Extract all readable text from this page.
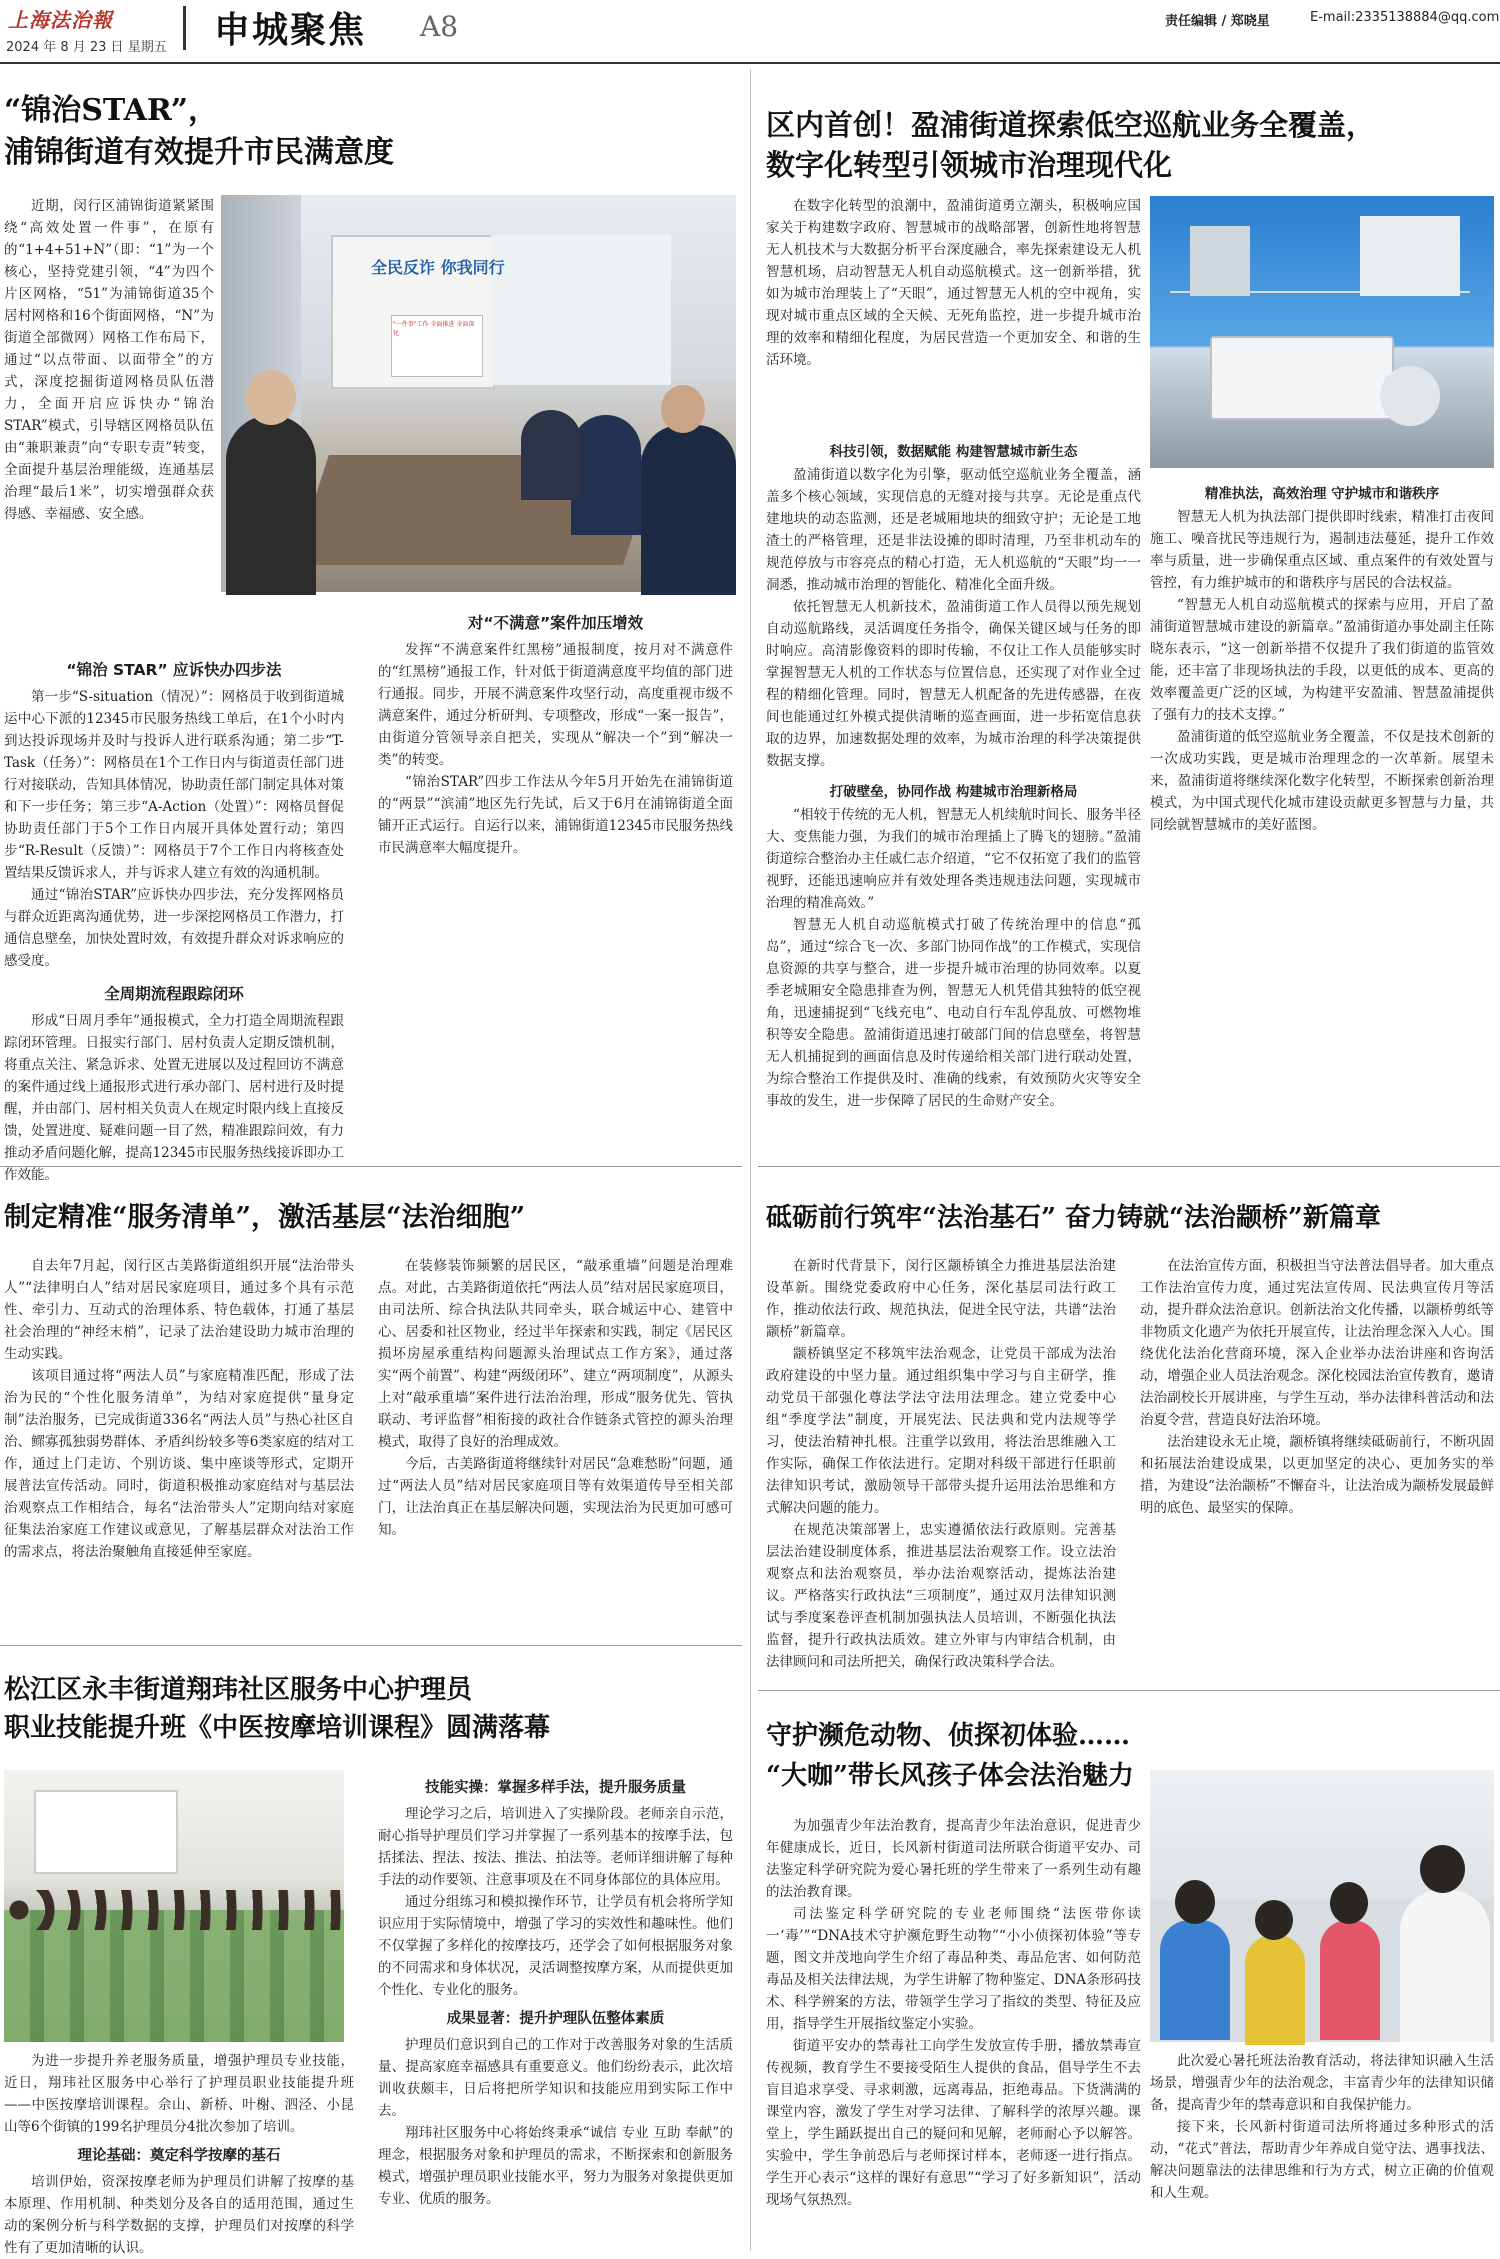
上海法治報
2024 年 8 月 23 日 星期五 申城聚焦 A8	责任编辑 / 郑晓星	E-mail:2335138884@qq.com
“锦治STAR”，
浦锦街道有效提升市民满意度
全民反诈 你我同行
"一件事"工作 全面推进 全面深化

近期，闵行区浦锦街道紧紧围绕“高效处置一件事”，在原有的“1+4+51+N”（即：“1”为一个核心，坚持党建引领，“4”为四个片区网格，“51”为浦锦街道35个居村网格和16个街面网格，“N”为街道全部微网）网格工作布局下，通过“以点带面、以面带全”的方式，深度挖掘街道网格员队伍潜力，全面开启应诉快办“锦治STAR”模式，引导辖区网格员队伍由“兼职兼责”向“专职专责”转变，全面提升基层治理能级，连通基层治理“最后1米”，切实增强群众获得感、幸福感、安全感。

“锦治 STAR” 应诉快办四步法

第一步“S-situation（情况）”：网格员于收到街道城运中心下派的12345市民服务热线工单后，在1个小时内到达投诉现场并及时与投诉人进行联系沟通；第二步“T-Task（任务）”：网格员在1个工作日内与街道责任部门进行对接联动，告知具体情况，协助责任部门制定具体对策和下一步任务；第三步“A-Action（处置）”：网格员督促协助责任部门于5个工作日内展开具体处置行动；第四步“R-Result（反馈）”：网格员于7个工作日内将核查处置结果反馈诉求人，并与诉求人建立有效的沟通机制。

通过“锦治STAR”应诉快办四步法，充分发挥网格员与群众近距离沟通优势，进一步深挖网格员工作潜力，打通信息壁垒，加快处置时效，有效提升群众对诉求响应的感受度。

全周期流程跟踪闭环

形成“日周月季年”通报模式，全力打造全周期流程跟踪闭环管理。日报实行部门、居村负责人定期反馈机制，将重点关注、紧急诉求、处置无进展以及过程回访不满意的案件通过线上通报形式进行承办部门、居村进行及时提醒，并由部门、居村相关负责人在规定时限内线上直接反馈，处置进度、疑难问题一目了然，精准跟踪问效，有力推动矛盾问题化解，提高12345市民服务热线接诉即办工作效能。

对“不满意”案件加压增效

发挥“不满意案件红黑榜”通报制度，按月对不满意件的“红黑榜”通报工作，针对低于街道满意度平均值的部门进行通报。同步，开展不满意案件攻坚行动，高度重视市级不满意案件，通过分析研判、专项整改，形成“一案一报告”，由街道分管领导亲自把关，实现从“解决一个”到“解决一类”的转变。

“锦治STAR”四步工作法从今年5月开始先在浦锦街道的“两景”“滨浦”地区先行先试，后又于6月在浦锦街道全面铺开正式运行。自运行以来，浦锦街道12345市民服务热线市民满意率大幅度提升。

区内首创！盈浦街道探索低空巡航业务全覆盖，
数字化转型引领城市治理现代化

在数字化转型的浪潮中，盈浦街道勇立潮头，积极响应国家关于构建数字政府、智慧城市的战略部署，创新性地将智慧无人机技术与大数据分析平台深度融合，率先探索建设无人机智慧机场，启动智慧无人机自动巡航模式。这一创新举措，犹如为城市治理装上了“天眼”，通过智慧无人机的空中视角，实现对城市重点区域的全天候、无死角监控，进一步提升城市治理的效率和精细化程度，为居民营造一个更加安全、和谐的生活环境。

科技引领，数据赋能 构建智慧城市新生态

盈浦街道以数字化为引擎，驱动低空巡航业务全覆盖，涵盖多个核心领域，实现信息的无缝对接与共享。无论是重点代建地块的动态监测，还是老城厢地块的细致守护；无论是工地渣土的严格管理，还是非法设摊的即时清理，乃至非机动车的规范停放与市容亮点的精心打造，无人机巡航的“天眼”均一一洞悉，推动城市治理的智能化、精准化全面升级。

依托智慧无人机新技术，盈浦街道工作人员得以预先规划自动巡航路线，灵活调度任务指令，确保关键区域与任务的即时响应。高清影像资料的即时传输，不仅让工作人员能够实时掌握智慧无人机的工作状态与位置信息，还实现了对作业全过程的精细化管理。同时，智慧无人机配备的先进传感器，在夜间也能通过红外模式提供清晰的巡查画面，进一步拓宽信息获取的边界，加速数据处理的效率，为城市治理的科学决策提供数据支撑。

打破壁垒，协同作战 构建城市治理新格局

“相较于传统的无人机，智慧无人机续航时间长、服务半径大、变焦能力强，为我们的城市治理插上了腾飞的翅膀。”盈浦街道综合整治办主任戚仁志介绍道，“它不仅拓宽了我们的监管视野，还能迅速响应并有效处理各类违规违法问题，实现城市治理的精准高效。”

智慧无人机自动巡航模式打破了传统治理中的信息“孤岛”，通过“综合飞一次、多部门协同作战”的工作模式，实现信息资源的共享与整合，进一步提升城市治理的协同效率。以夏季老城厢安全隐患排查为例，智慧无人机凭借其独特的低空视角，迅速捕捉到“飞线充电”、电动自行车乱停乱放、可燃物堆积等安全隐患。盈浦街道迅速打破部门间的信息壁垒，将智慧无人机捕捉到的画面信息及时传递给相关部门进行联动处置，为综合整治工作提供及时、准确的线索，有效预防火灾等安全事故的发生，进一步保障了居民的生命财产安全。

精准执法，高效治理 守护城市和谐秩序

智慧无人机为执法部门提供即时线索，精准打击夜间施工、噪音扰民等违规行为，遏制违法蔓延，提升工作效率与质量，进一步确保重点区域、重点案件的有效处置与管控，有力维护城市的和谐秩序与居民的合法权益。

“智慧无人机自动巡航模式的探索与应用，开启了盈浦街道智慧城市建设的新篇章。”盈浦街道办事处副主任陈晓东表示，“这一创新举措不仅提升了我们街道的监管效能，还丰富了非现场执法的手段，以更低的成本、更高的效率覆盖更广泛的区域，为构建平安盈浦、智慧盈浦提供了强有力的技术支撑。”

盈浦街道的低空巡航业务全覆盖，不仅是技术创新的一次成功实践，更是城市治理理念的一次革新。展望未来，盈浦街道将继续深化数字化转型，不断探索创新治理模式，为中国式现代化城市建设贡献更多智慧与力量，共同绘就智慧城市的美好蓝图。

制定精准“服务清单”，激活基层“法治细胞”

自去年7月起，闵行区古美路街道组织开展“法治带头人”“法律明白人”结对居民家庭项目，通过多个具有示范性、牵引力、互动式的治理体系、特色载体，打通了基层社会治理的“神经末梢”，记录了法治建设助力城市治理的生动实践。

该项目通过将“两法人员”与家庭精准匹配，形成了法治为民的“个性化服务清单”，为结对家庭提供“量身定制”法治服务，已完成街道336名“两法人员”与热心社区自治、鳏寡孤独弱势群体、矛盾纠纷较多等6类家庭的结对工作，通过上门走访、个别访谈、集中座谈等形式，定期开展普法宣传活动。同时，街道积极推动家庭结对与基层法治观察点工作相结合，每名“法治带头人”定期向结对家庭征集法治家庭工作建议或意见，了解基层群众对法治工作的需求点，将法治聚触角直接延伸至家庭。

在装修装饰频繁的居民区，“敲承重墙”问题是治理难点。对此，古美路街道依托“两法人员”结对居民家庭项目，由司法所、综合执法队共同牵头，联合城运中心、建管中心、居委和社区物业，经过半年探索和实践，制定《居民区损坏房屋承重结构问题源头治理试点工作方案》，通过落实“两个前置”、构建“两级闭环”、建立“两项制度”，从源头上对“敲承重墙”案件进行法治治理，形成“服务优先、管执联动、考评监督”相衔接的政社合作链条式管控的源头治理模式，取得了良好的治理成效。

今后，古美路街道将继续针对居民“急难愁盼”问题，通过“两法人员”结对居民家庭项目等有效渠道传导至相关部门，让法治真正在基层解决问题，实现法治为民更加可感可知。

砥砺前行筑牢“法治基石” 奋力铸就“法治颛桥”新篇章

在新时代背景下，闵行区颛桥镇全力推进基层法治建设革新。围绕党委政府中心任务，深化基层司法行政工作，推动依法行政、规范执法，促进全民守法，共谱“法治颛桥”新篇章。

颛桥镇坚定不移筑牢法治观念，让党员干部成为法治政府建设的中坚力量。通过组织集中学习与自主研学，推动党员干部强化尊法学法守法用法理念。建立党委中心组“季度学法”制度，开展宪法、民法典和党内法规等学习，使法治精神扎根。注重学以致用，将法治思维融入工作实际，确保工作依法进行。定期对科级干部进行任职前法律知识考试，激励领导干部带头提升运用法治思维和方式解决问题的能力。

在规范决策部署上，忠实遵循依法行政原则。完善基层法治建设制度体系，推进基层法治观察工作。设立法治观察点和法治观察员，举办法治观察活动，提炼法治建议。严格落实行政执法“三项制度”，通过双月法律知识测试与季度案卷评查机制加强执法人员培训，不断强化执法监督，提升行政执法质效。建立外审与内审结合机制，由法律顾问和司法所把关，确保行政决策科学合法。

在法治宣传方面，积极担当守法普法倡导者。加大重点工作法治宣传力度，通过宪法宣传周、民法典宣传月等活动，提升群众法治意识。创新法治文化传播，以颛桥剪纸等非物质文化遗产为依托开展宣传，让法治理念深入人心。围绕优化法治化营商环境，深入企业举办法治讲座和咨询活动，增强企业人员法治观念。深化校园法治宣传教育，邀请法治副校长开展讲座，与学生互动，举办法律科普活动和法治夏令营，营造良好法治环境。

法治建设永无止境，颛桥镇将继续砥砺前行，不断巩固和拓展法治建设成果，以更加坚定的决心、更加务实的举措，为建设“法治颛桥”不懈奋斗，让法治成为颛桥发展最鲜明的底色、最坚实的保障。

松江区永丰街道翔玮社区服务中心护理员
职业技能提升班《中医按摩培训课程》圆满落幕

为进一步提升养老服务质量，增强护理员专业技能，近日，翔玮社区服务中心举行了护理员职业技能提升班——中医按摩培训课程。佘山、新桥、叶榭、泗泾、小昆山等6个街镇的199名护理员分4批次参加了培训。

理论基础：奠定科学按摩的基石

培训伊始，资深按摩老师为护理员们讲解了按摩的基本原理、作用机制、种类划分及各自的适用范围，通过生动的案例分析与科学数据的支撑，护理员们对按摩的科学性有了更加清晰的认识。

技能实操：掌握多样手法，提升服务质量

理论学习之后，培训进入了实操阶段。老师亲自示范，耐心指导护理员们学习并掌握了一系列基本的按摩手法，包括揉法、捏法、按法、推法、拍法等。老师详细讲解了每种手法的动作要领、注意事项及在不同身体部位的具体应用。

通过分组练习和模拟操作环节，让学员有机会将所学知识应用于实际情境中，增强了学习的实效性和趣味性。他们不仅掌握了多样化的按摩技巧，还学会了如何根据服务对象的不同需求和身体状况，灵活调整按摩方案，从而提供更加个性化、专业化的服务。

成果显著：提升护理队伍整体素质

护理员们意识到自己的工作对于改善服务对象的生活质量、提高家庭幸福感具有重要意义。他们纷纷表示，此次培训收获颇丰，日后将把所学知识和技能应用到实际工作中去。

翔玮社区服务中心将始终秉承“诚信 专业 互助 奉献”的理念，根据服务对象和护理员的需求，不断探索和创新服务模式，增强护理员职业技能水平，努力为服务对象提供更加专业、优质的服务。

守护濒危动物、侦探初体验……
“大咖”带长风孩子体会法治魅力

为加强青少年法治教育，提高青少年法治意识，促进青少年健康成长，近日，长风新村街道司法所联合街道平安办、司法鉴定科学研究院为爱心暑托班的学生带来了一系列生动有趣的法治教育课。

司法鉴定科学研究院的专业老师围绕“法医带你读一‘毒’”“DNA技术守护濒危野生动物”“小小侦探初体验”等专题，图文并茂地向学生介绍了毒品种类、毒品危害、如何防范毒品及相关法律法规，为学生讲解了物种鉴定、DNA条形码技术、科学辨案的方法，带领学生学习了指纹的类型、特征及应用，指导学生开展指纹鉴定小实验。

街道平安办的禁毒社工向学生发放宣传手册，播放禁毒宣传视频，教育学生不要接受陌生人提供的食品，倡导学生不去盲目追求享受、寻求刺激，远离毒品，拒绝毒品。下货满满的课堂内容，激发了学生对学习法律、了解科学的浓厚兴趣。课堂上，学生踊跃提出自己的疑问和见解，老师耐心予以解答。实验中，学生争前恐后与老师探讨样本，老师逐一进行指点。学生开心表示“这样的课好有意思”“学习了好多新知识”，活动现场气氛热烈。

此次爱心暑托班法治教育活动，将法律知识融入生活场景，增强青少年的法治观念，丰富青少年的法律知识储备，提高青少年的禁毒意识和自我保护能力。

接下来，长风新村街道司法所将通过多种形式的活动，“花式”普法，帮助青少年养成自觉守法、遇事找法、解决问题靠法的法律思维和行为方式，树立正确的价值观和人生观。
